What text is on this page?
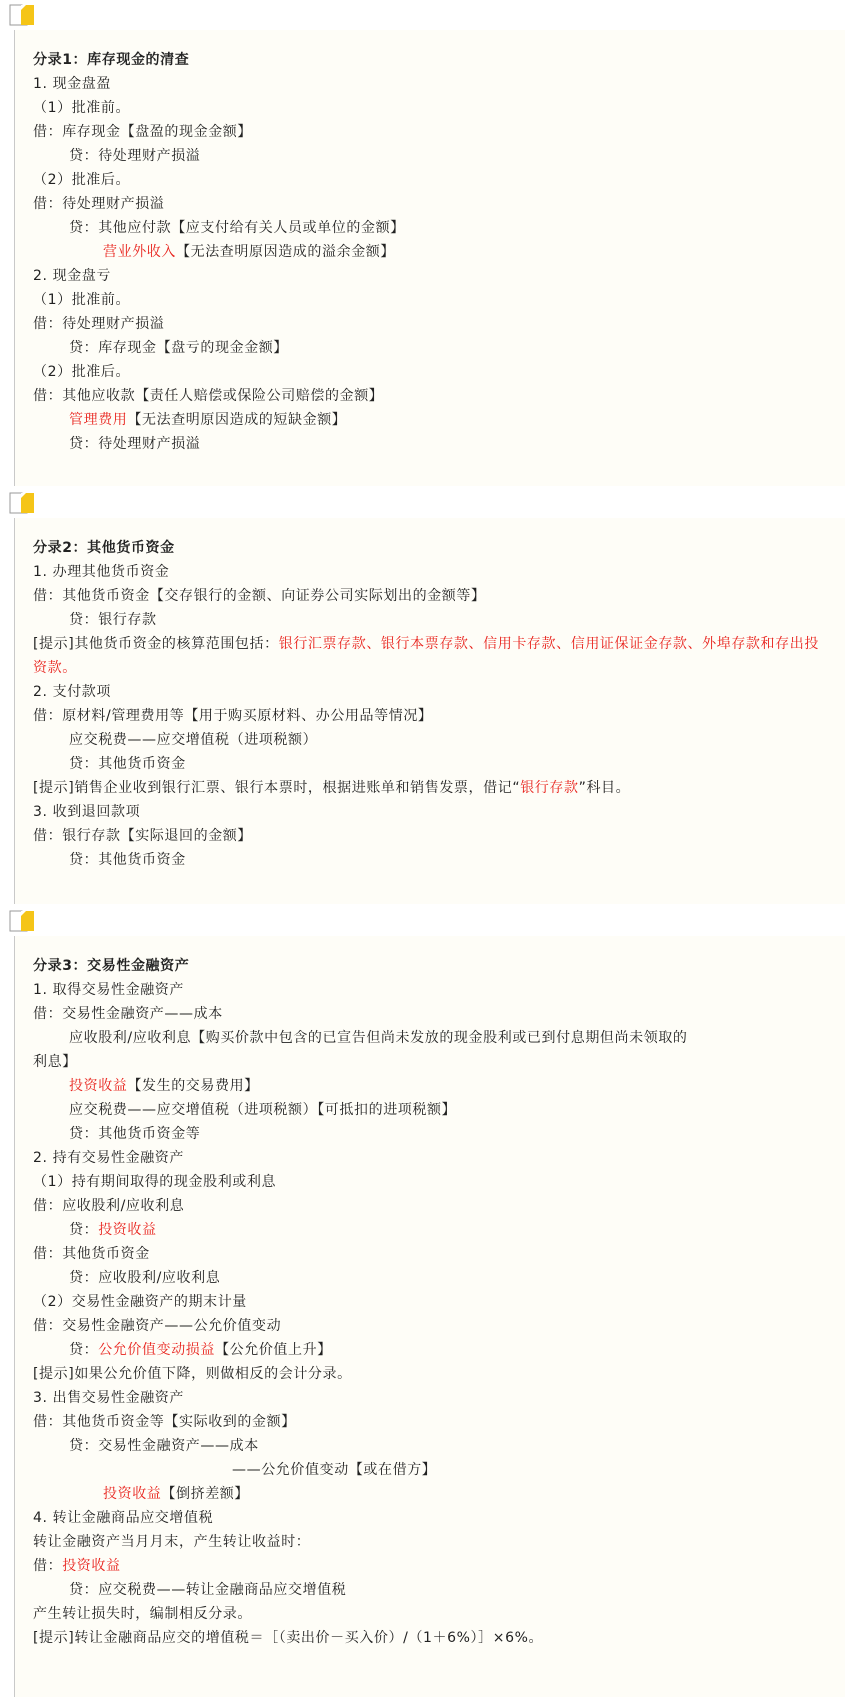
分录1：库存现金的清查
1. 现金盘盈
（1）批准前。
借：库存现金【盘盈的现金金额】
贷：待处理财产损溢
（2）批准后。
借：待处理财产损溢
贷：其他应付款【应支付给有关人员或单位的金额】
营业外收入【无法查明原因造成的溢余金额】
2. 现金盘亏
（1）批准前。
借：待处理财产损溢
贷：库存现金【盘亏的现金金额】
（2）批准后。
借：其他应收款【责任人赔偿或保险公司赔偿的金额】
管理费用【无法查明原因造成的短缺金额】
贷：待处理财产损溢
分录2：其他货币资金
1. 办理其他货币资金
借：其他货币资金【交存银行的金额、向证券公司实际划出的金额等】
贷：银行存款
[提示]其他货币资金的核算范围包括：银行汇票存款、银行本票存款、信用卡存款、信用证保证金存款、外埠存款和存出投资款。
2. 支付款项
借：原材料/管理费用等【用于购买原材料、办公用品等情况】
应交税费——应交增值税（进项税额）
贷：其他货币资金
[提示]销售企业收到银行汇票、银行本票时，根据进账单和销售发票，借记“银行存款”科目。
3. 收到退回款项
借：银行存款【实际退回的金额】
贷：其他货币资金
分录3：交易性金融资产
1. 取得交易性金融资产
借：交易性金融资产——成本
应收股利/应收利息【购买价款中包含的已宣告但尚未发放的现金股利或已到付息期但尚未领取的
利息】
投资收益【发生的交易费用】
应交税费——应交增值税（进项税额）【可抵扣的进项税额】
贷：其他货币资金等
2. 持有交易性金融资产
（1）持有期间取得的现金股利或利息
借：应收股利/应收利息
贷：投资收益
借：其他货币资金
贷：应收股利/应收利息
（2）交易性金融资产的期末计量
借：交易性金融资产——公允价值变动
贷：公允价值变动损益【公允价值上升】
[提示]如果公允价值下降，则做相反的会计分录。
3. 出售交易性金融资产
借：其他货币资金等【实际收到的金额】
贷：交易性金融资产——成本
——公允价值变动【或在借方】
投资收益【倒挤差额】
4. 转让金融商品应交增值税
转让金融资产当月月末，产生转让收益时：
借：投资收益
贷：应交税费——转让金融商品应交增值税
产生转让损失时，编制相反分录。
[提示]转让金融商品应交的增值税＝［（卖出价－买入价）/（1＋6%）］×6%。
